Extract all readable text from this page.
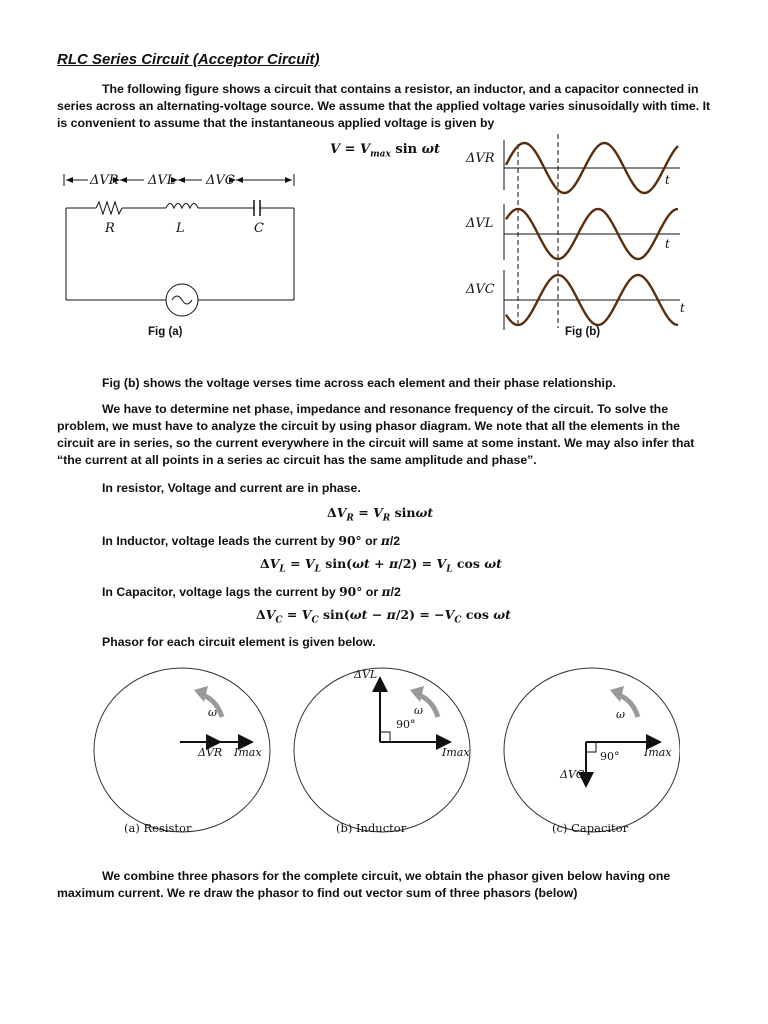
RLC Series Circuit (Acceptor Circuit)
The following figure shows a circuit that contains a resistor, an inductor, and a capacitor connected in series across an alternating-voltage source. We assume that the applied voltage varies sinusoidally with time. It is convenient to assume that the instantaneous applied voltage is given by
$V = V_{max}$ sin ωt
ΔVR ΔVL ΔVC
R	L	C
Fig (a)
ΔVR
ΔVL
ΔVC
t
t
t
Fig (b)
Fig (b) shows the voltage verses time across each element and their phase relationship.
We have to determine net phase, impedance and resonance frequency of the circuit. To solve the problem, we must have to analyze the circuit by using phasor diagram. We note that all the elements in the circuit are in series, so the current everywhere in the circuit will same at some instant. We may also infer that “the current at all points in a series ac circuit has the same amplitude and phase”.
In resistor, Voltage and current are in phase.
$\Delta V_R = V_R$ sinωt
In Inductor, voltage leads the current by 90° or π/2
$\Delta V_L = V_L$ $\sin(\omega t + \pi/2) = V_L$ cos ωt
In Capacitor, voltage lags the current by 90° or π/2
$\Delta V_C = V_C$ $\sin(\omega t - \pi/2) = -V_C$ cos ωt
Phasor for each circuit element is given below.
ω
ΔVR Imax
(a) Resistor
ΔVL
ω
90°
Imax
(b) Inductor
ω
90° Imax
ΔVC
(c) Capacitor
We combine three phasors for the complete circuit, we obtain the phasor given below having one maximum current. We re draw the phasor to find out vector sum of three phasors (below)
